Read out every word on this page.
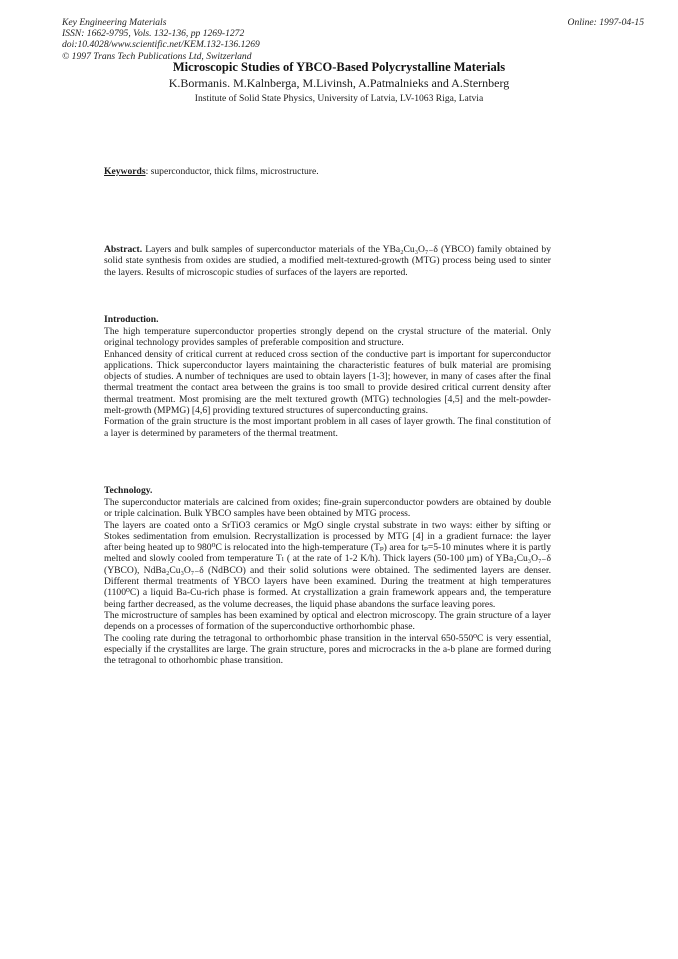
Key Engineering Materials
ISSN: 1662-9795, Vols. 132-136, pp 1269-1272
doi:10.4028/www.scientific.net/KEM.132-136.1269
© 1997 Trans Tech Publications Ltd, Switzerland
Online: 1997-04-15
Microscopic Studies of YBCO-Based Polycrystalline Materials
K.Bormanis. M.Kalnberga, M.Livinsh, A.Patmalnieks and A.Sternberg
Institute of Solid State Physics, University of Latvia, LV-1063 Riga, Latvia
Keywords: superconductor, thick films, microstructure.

Abstract. Layers and bulk samples of superconductor materials of the YBa₂Cu₃O₇₋δ (YBCO) family obtained by solid state synthesis from oxides are studied, a modified melt-textured-growth (MTG) process being used to sinter the layers. Results of microscopic studies of surfaces of the layers are reported.

Introduction.

The high temperature superconductor properties strongly depend on the crystal structure of the material. Only original technology provides samples of preferable composition and structure.

Enhanced density of critical current at reduced cross section of the conductive part is important for superconductor applications. Thick superconductor layers maintaining the characteristic features of bulk material are promising objects of studies. A number of techniques are used to obtain layers [1-3]; however, in many of cases after the final thermal treatment the contact area between the grains is too small to provide desired critical current density after thermal treatment. Most promising are the melt textured growth (MTG) technologies [4,5] and the melt-powder-melt-growth (MPMG) [4,6] providing textured structures of superconducting grains.

Formation of the grain structure is the most important problem in all cases of layer growth. The final constitution of a layer is determined by parameters of the thermal treatment.

Technology.

The superconductor materials are calcined from oxides; fine-grain superconductor powders are obtained by double or triple calcination. Bulk YBCO samples have been obtained by MTG process.

The layers are coated onto a SrTiO3 ceramics or MgO single crystal substrate in two ways: either by sifting or Stokes sedimentation from emulsion. Recrystallization is processed by MTG [4] in a gradient furnace: the layer after being heated up to 980⁰C is relocated into the high-temperature (Tₚ) area for tₚ=5-10 minutes where it is partly melted and slowly cooled from temperature Tₗ ( at the rate of 1-2 K/h). Thick layers (50-100 μm) of YBa₂Cu₃O₇₋δ (YBCO), NdBa₂Cu₃O₇₋δ (NdBCO) and their solid solutions were obtained. The sedimented layers are denser. Different thermal treatments of YBCO layers have been examined. During the treatment at high temperatures (1100⁰C) a liquid Ba-Cu-rich phase is formed. At crystallization a grain framework appears and, the temperature being farther decreased, as the volume decreases, the liquid phase abandons the surface leaving pores.

The microstructure of samples has been examined by optical and electron microscopy. The grain structure of a layer depends on a processes of formation of the superconductive orthorhombic phase.

The cooling rate during the tetragonal to orthorhombic phase transition in the interval 650-550⁰C is very essential, especially if the crystallites are large. The grain structure, pores and microcracks in the a-b plane are formed during the tetragonal to othorhombic phase transition.
